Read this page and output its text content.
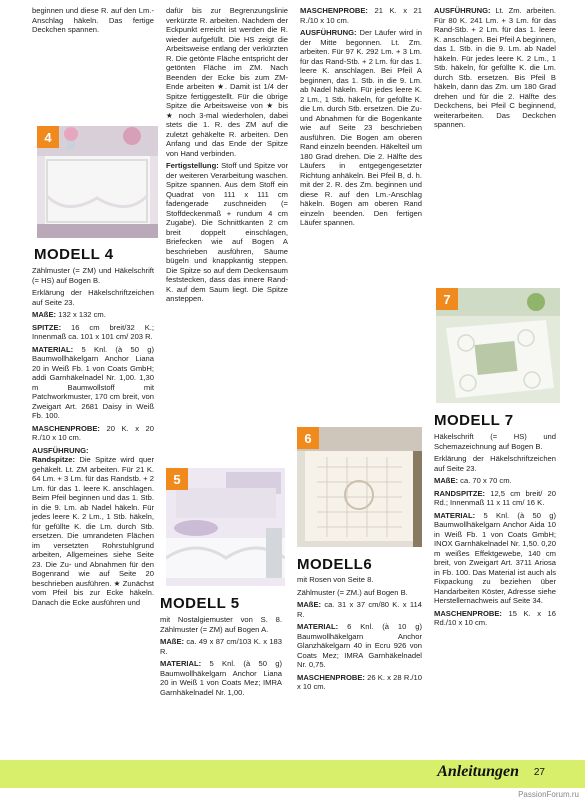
beginnen und diese R. auf den Lm.-Anschlag häkeln. Das fertige Deckchen spannen.

4
MODELL 4

Zählmuster (= ZM) und Häkelschrift (= HS) auf Bogen B.

Erklärung der Häkelschriftzeichen auf Seite 23.

MAßE: 132 x 132 cm.

SPITZE: 16 cm breit/32 K.; Innenmaß ca. 101 x 101 cm/ 203 R.

MATERIAL: 5 Knl. (à 50 g) Baumwollhäkelgarn Anchor Liana 20 in Weiß Fb. 1 von Coats GmbH; addi Garnhäkelnadel Nr. 1,00. 1,30 m Baumwollstoff mit Patchworkmuster, 170 cm breit, von Zweigart Art. 2681 Daisy in Weiß Fb. 100.

MASCHENPROBE: 20 K. x 20 R./10 x 10 cm.

AUSFÜHRUNG:
Randspitze: Die Spitze wird quer gehäkelt. Lt. ZM arbeiten. Für 21 K. 64 Lm. + 3 Lm. für das Randstb. + 2 Lm. für das 1. leere K. anschlagen. Beim Pfeil beginnen und das 1. Stb. in die 9. Lm. ab Nadel häkeln. Für jedes leere K. 2 Lm., 1 Stb. häkeln, für gefüllte K. die Lm. durch Stb. ersetzen. Die umrandeten Flächen im versetzten Rohrstuhlgrund arbeiten, Allgemeines siehe Seite 23. Die Zu- und Abnahmen für den Bogenrand wie auf Seite 20 beschrieben ausführen. ★ Zunächst vom Pfeil bis zur Ecke häkeln. Danach die Ecke ausführen und

dafür bis zur Begrenzungslinie verkürzte R. arbeiten. Nachdem der Eckpunkt erreicht ist werden die R. wieder aufgefüllt. Die HS zeigt die Arbeitsweise entlang der verkürzten R. Die getönte Fläche entspricht der getönten Fläche im ZM. Nach Beenden der Ecke bis zum ZM-Ende arbeiten ★. Damit ist 1/4 der Spitze fertiggestellt. Für die übrige Spitze die Arbeitsweise von ★ bis ★ noch 3-mal wiederholen, dabei stets die 1. R. des ZM auf die zuletzt gehäkelte R. arbeiten. Den Anfang und das Ende der Spitze von Hand verbinden.

Fertigstellung: Stoff und Spitze vor der weiteren Verarbeitung waschen. Spitze spannen. Aus dem Stoff ein Quadrat von 111 x 111 cm fadengerade zuschneiden (= Stoffdeckenmaß + rundum 4 cm Zugabe). Die Schnittkanten 2 cm breit doppelt einschlagen, Briefecken wie auf Bogen A beschrieben ausführen, Säume bügeln und knappkantig steppen. Die Spitze so auf dem Deckensaum feststecken, dass das innere Rand-K. auf dem Saum liegt. Die Spitze ansteppen.

5
MODELL 5

mit Nostalgiemuster von S. 8. Zählmuster (= ZM) auf Bogen A.

MAßE: ca. 49 x 87 cm/103 K. x 183 R.

MATERIAL: 5 Knl. (à 50 g) Baumwollhäkelgarn Anchor Liana 20 in Weiß 1 von Coats Mez; IMRA Garnhäkelnadel Nr. 1,00.

MASCHENPROBE: 21 K. x 21 R./10 x 10 cm.

AUSFÜHRUNG: Der Läufer wird in der Mitte begonnen. Lt. Zm. arbeiten. Für 97 K. 292 Lm. + 3 Lm. für das Rand-Stb. + 2 Lm. für das 1. leere K. anschlagen. Bei Pfeil A beginnen, das 1. Stb. in die 9. Lm. ab Nadel häkeln. Für jedes leere K. 2 Lm., 1 Stb. häkeln, für gefüllte K. die Lm. durch Stb. ersetzen. Die Zu- und Abnahmen für die Bogenkante wie auf Seite 23 beschrieben ausführen. Die Bogen am oberen Rand einzeln beenden. Häkelteil um 180 Grad drehen. Die 2. Hälfte des Läufers in entgegengesetzter Richtung anhäkeln. Bei Pfeil B, d. h. mit der 2. R. des Zm. beginnen und diese R. auf den Lm.-Anschlag häkeln. Bogen am oberen Rand einzeln beenden. Den fertigen Läufer spannen.

6
MODELL6

mit Rosen von Seite 8.

Zählmuster (= ZM.) auf Bogen B.

MAßE: ca. 31 x 37 cm/80 K. x 114 R.

MATERIAL: 6 Knl. (à 10 g) Baumwollhäkelgarn Anchor Glanzhäkelgarn 40 in Ecru 926 von Coats Mez; IMRA Garnhäkelnadel Nr. 0,75.

MASCHENPROBE: 26 K. x 28 R./10 x 10 cm.

AUSFÜHRUNG: Lt. Zm. arbeiten. Für 80 K. 241 Lm. + 3 Lm. für das Rand-Stb. + 2 Lm. für das 1. leere K. anschlagen. Bei Pfeil A beginnen, das 1. Stb. in die 9. Lm. ab Nadel häkeln. Für jedes leere K. 2 Lm., 1 Stb. häkeln, für gefüllte K. die Lm. durch Stb. ersetzen. Bis Pfeil B häkeln, dann das Zm. um 180 Grad drehen und für die 2. Hälfte des Deckchens, bei Pfeil C beginnend, weiterarbeiten. Das Deckchen spannen.

7
MODELL 7

Häkelschrift (= HS) und Schemazeichnung auf Bogen B.

Erklärung der Häkelschriftzeichen auf Seite 23.

MAßE: ca. 70 x 70 cm.

RANDSPITZE: 12,5 cm breit/ 20 Rd.; Innenmaß 11 x 11 cm/ 16 K.

MATERIAL: 5 Knl. (à 50 g) Baumwollhäkelgarn Anchor Aida 10 in Weiß Fb. 1 von Coats GmbH; INOX Garnhäkelnadel Nr. 1,50. 0,20 m weißes Effektgewebe, 140 cm breit, von Zweigart Art. 3711 Ariosa in Fb. 100. Das Material ist auch als Fixpackung zu beziehen über Handarbeiten Köster, Adresse siehe Herstellernachweis auf Seite 34.

MASCHENPROBE: 15 K. x 16 Rd./10 x 10 cm.

Anleitungen 27
PassionForum.ru
